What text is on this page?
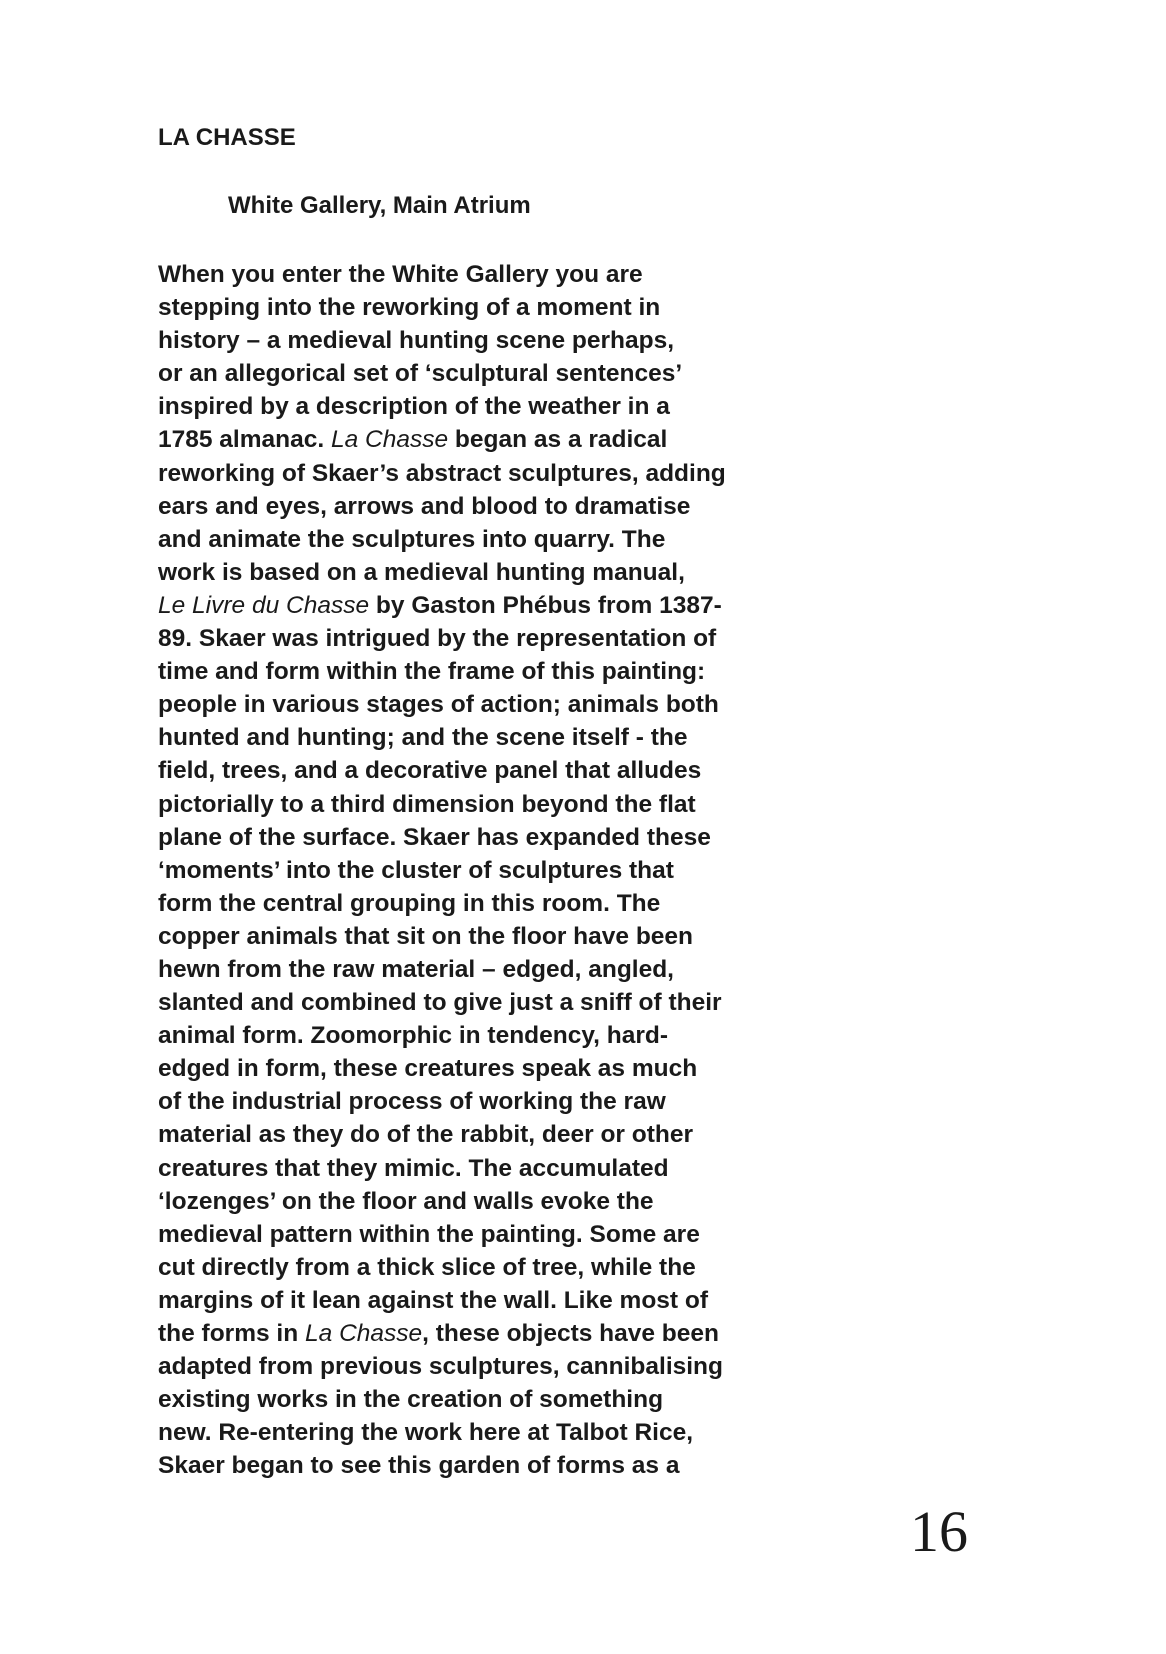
LA CHASSE
White Gallery, Main Atrium
When you enter the White Gallery you are
stepping into the reworking of a moment in
history – a medieval hunting scene perhaps,
or an allegorical set of ‘sculptural sentences’
inspired by a description of the weather in a
1785 almanac. La Chasse began as a radical
reworking of Skaer’s abstract sculptures, adding
ears and eyes, arrows and blood to dramatise
and animate the sculptures into quarry. The
work is based on a medieval hunting manual,
Le Livre du Chasse by Gaston Phébus from 1387-
89. Skaer was intrigued by the representation of
time and form within the frame of this painting:
people in various stages of action; animals both
hunted and hunting; and the scene itself - the
field, trees, and a decorative panel that alludes
pictorially to a third dimension beyond the flat
plane of the surface. Skaer has expanded these
‘moments’ into the cluster of sculptures that
form the central grouping in this room. The
copper animals that sit on the floor have been
hewn from the raw material – edged, angled,
slanted and combined to give just a sniff of their
animal form. Zoomorphic in tendency, hard-
edged in form, these creatures speak as much
of the industrial process of working the raw
material as they do of the rabbit, deer or other
creatures that they mimic. The accumulated
‘lozenges’ on the floor and walls evoke the
medieval pattern within the painting. Some are
cut directly from a thick slice of tree, while the
margins of it lean against the wall. Like most of
the forms in La Chasse, these objects have been
adapted from previous sculptures, cannibalising
existing works in the creation of something
new. Re-entering the work here at Talbot Rice,
Skaer began to see this garden of forms as a
16
